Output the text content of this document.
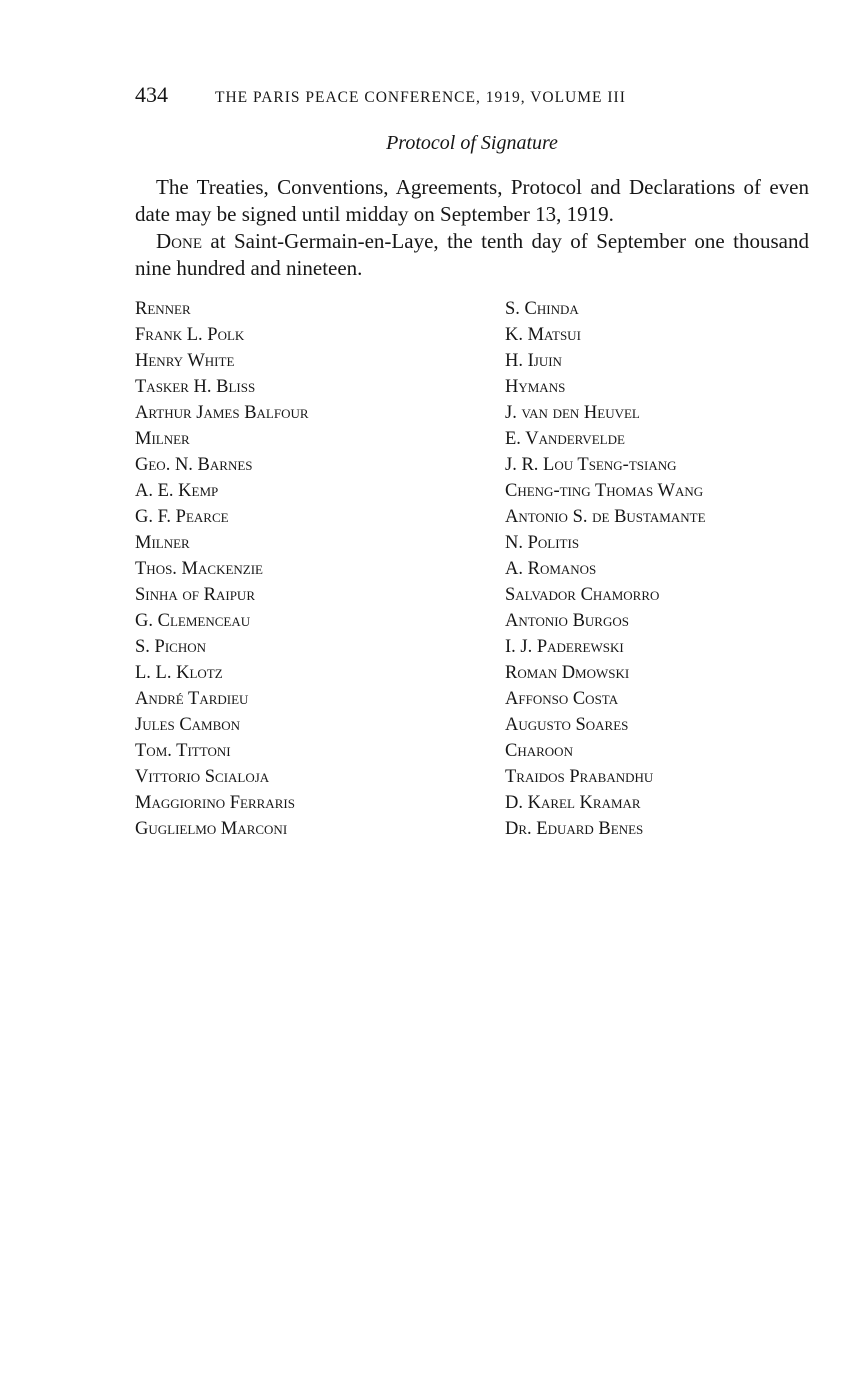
434	THE PARIS PEACE CONFERENCE, 1919, VOLUME III
Protocol of Signature

The Treaties, Conventions, Agreements, Protocol and Declarations of even date may be signed until midday on September 13, 1919.

Done at Saint-Germain-en-Laye, the tenth day of September one thousand nine hundred and nineteen.

Renner
Frank L. Polk
Henry White
Tasker H. Bliss
Arthur James Balfour
Milner
Geo. N. Barnes
A. E. Kemp
G. F. Pearce
Milner
Thos. Mackenzie
Sinha of Raipur
G. Clemenceau
S. Pichon
L. L. Klotz
André Tardieu
Jules Cambon
Tom. Tittoni
Vittorio Scialoja
Maggiorino Ferraris
Guglielmo Marconi
S. Chinda
K. Matsui
H. Ijuin
Hymans
J. van den Heuvel
E. Vandervelde
J. R. Lou Tseng-tsiang
Cheng-ting Thomas Wang
Antonio S. de Bustamante
N. Politis
A. Romanos
Salvador Chamorro
Antonio Burgos
I. J. Paderewski
Roman Dmowski
Affonso Costa
Augusto Soares
Charoon
Traidos Prabandhu
D. Karel Kramar
Dr. Eduard Benes
